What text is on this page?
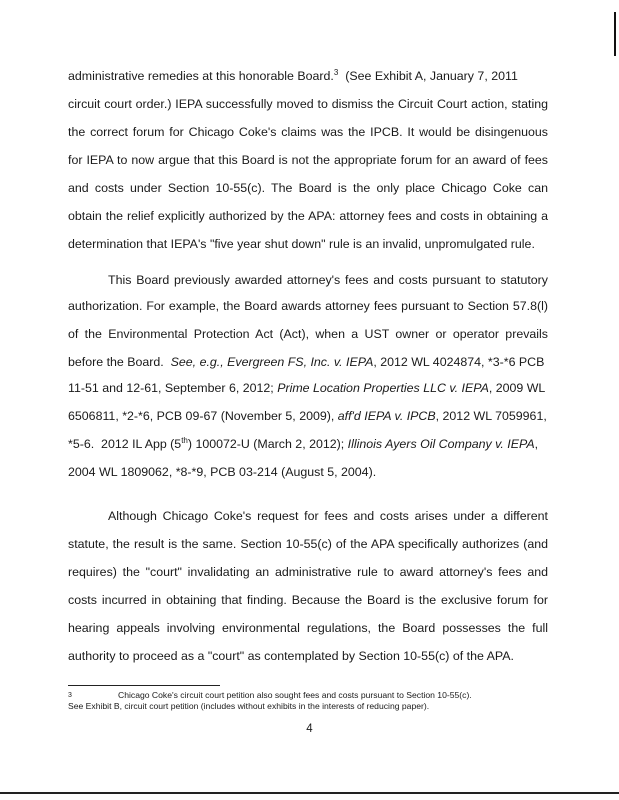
administrative remedies at this honorable Board.$^3$  (See Exhibit A, January 7, 2011

circuit court order.) IEPA successfully moved to dismiss the Circuit Court action, stating

the correct forum for Chicago Coke's claims was the IPCB. It would be disingenuous

for IEPA to now argue that this Board is not the appropriate forum for an award of fees

and costs under Section 10-55(c). The Board is the only place Chicago Coke can

obtain the relief explicitly authorized by the APA: attorney fees and costs in obtaining a

determination that IEPA's "five year shut down" rule is an invalid, unpromulgated rule.

This Board previously awarded attorney's fees and costs pursuant to statutory

authorization. For example, the Board awards attorney fees pursuant to Section 57.8(l)

of the Environmental Protection Act (Act), when a UST owner or operator prevails

before the Board.  See, e.g., Evergreen FS, Inc. v. IEPA, 2012 WL 4024874, *3-*6 PCB

11-51 and 12-61, September 6, 2012; Prime Location Properties LLC v. IEPA, 2009 WL

6506811, *2-*6, PCB 09-67 (November 5, 2009), aff'd IEPA v. IPCB, 2012 WL 7059961,

*5-6.  2012 IL App (5th) 100072-U (March 2, 2012); Illinois Ayers Oil Company v. IEPA,

2004 WL 1809062, *8-*9, PCB 03-214 (August 5, 2004).

Although Chicago Coke's request for fees and costs arises under a different

statute, the result is the same. Section 10-55(c) of the APA specifically authorizes (and

requires) the "court" invalidating an administrative rule to award attorney's fees and

costs incurred in obtaining that finding. Because the Board is the exclusive forum for

hearing appeals involving environmental regulations, the Board possesses the full

authority to proceed as a "court" as contemplated by Section 10-55(c) of the APA.

3	Chicago Coke's circuit court petition also sought fees and costs pursuant to Section 10-55(c).

See Exhibit B, circuit court petition (includes without exhibits in the interests of reducing paper).

4
